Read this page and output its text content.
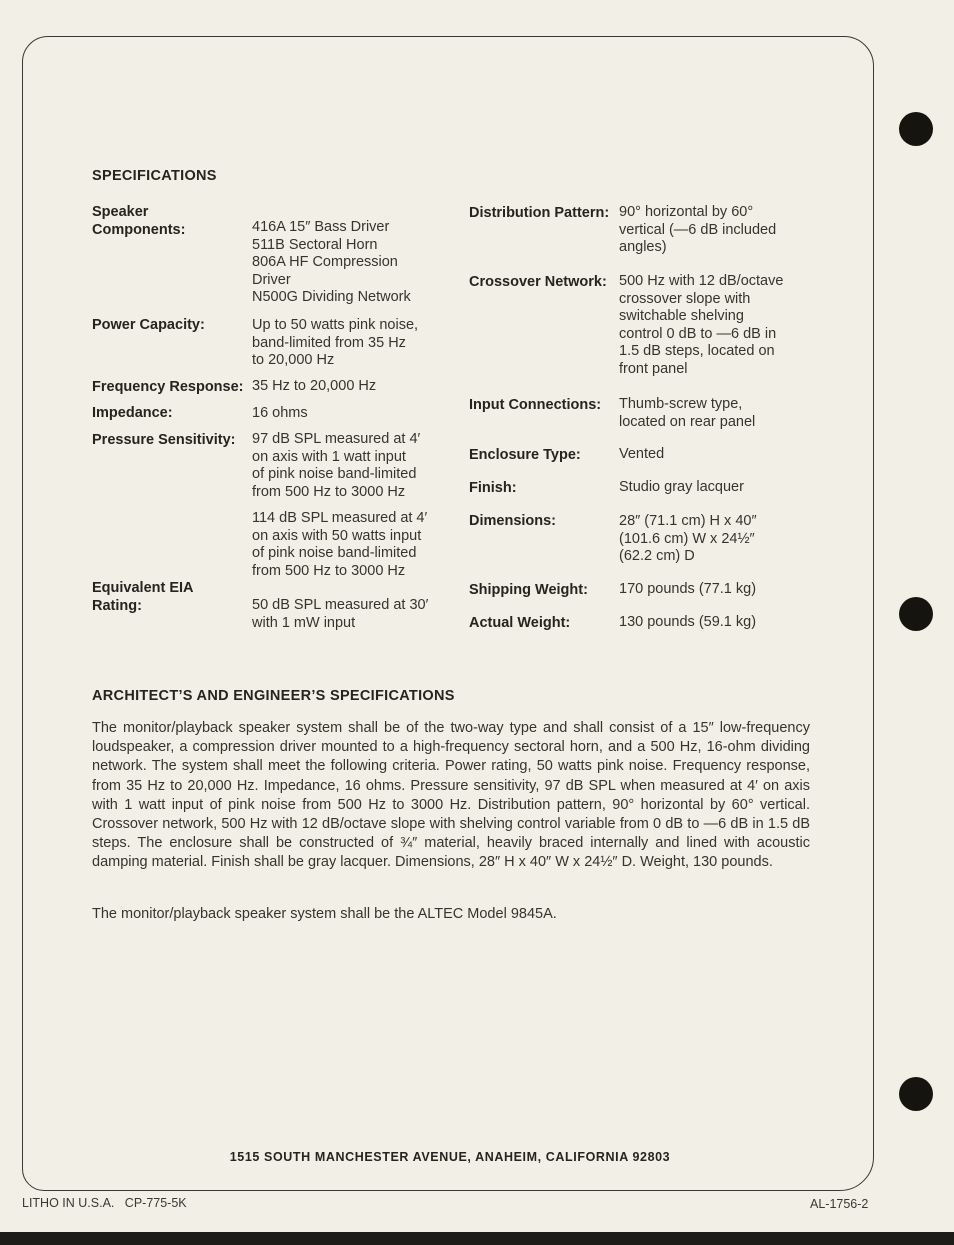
SPECIFICATIONS
Speaker
Components:	416A 15″ Bass Driver
511B Sectoral Horn
806A HF Compression
Driver
N500G Dividing Network
Power Capacity:	Up to 50 watts pink noise,
band-limited from 35 Hz
to 20,000 Hz
Frequency Response: 35 Hz to 20,000 Hz
Impedance:	16 ohms
Pressure Sensitivity: 97 dB SPL measured at 4′
on axis with 1 watt input
of pink noise band-limited
from 500 Hz to 3000 Hz
114 dB SPL measured at 4′
on axis with 50 watts input
of pink noise band-limited
from 500 Hz to 3000 Hz
Equivalent EIA
Rating:	50 dB SPL measured at 30′
with 1 mW input
Distribution Pattern: 90° horizontal by 60°
vertical (—6 dB included
angles)
Crossover Network: 500 Hz with 12 dB/octave
crossover slope with
switchable shelving
control 0 dB to —6 dB in
1.5 dB steps, located on
front panel
Input Connections: Thumb-screw type,
located on rear panel
Enclosure Type:	Vented
Finish:	Studio gray lacquer
Dimensions:	28″ (71.1 cm) H x 40″
(101.6 cm) W x 24½″
(62.2 cm) D
Shipping Weight: 170 pounds (77.1 kg)
Actual Weight:	130 pounds (59.1 kg)
ARCHITECT’S AND ENGINEER’S SPECIFICATIONS

The monitor/playback speaker system shall be of the two-way type and shall consist of a 15″ low-frequency loudspeaker, a compression driver mounted to a high-frequency sectoral horn, and a 500 Hz, 16-ohm dividing network. The system shall meet the following criteria. Power rating, 50 watts pink noise. Frequency response, from 35 Hz to 20,000 Hz. Impedance, 16 ohms. Pressure sensitivity, 97 dB SPL when measured at 4′ on axis with 1 watt input of pink noise from 500 Hz to 3000 Hz. Distribution pattern, 90° horizontal by 60° vertical. Crossover network, 500 Hz with 12 dB/octave slope with shelving control variable from 0 dB to —6 dB in 1.5 dB steps. The enclosure shall be constructed of ¾″ material, heavily braced internally and lined with acoustic damping material. Finish shall be gray lacquer. Dimensions, 28″ H x 40″ W x 24½″ D. Weight, 130 pounds.

The monitor/playback speaker system shall be the ALTEC Model 9845A.

1515 SOUTH MANCHESTER AVENUE, ANAHEIM, CALIFORNIA 92803
LITHO IN U.S.A.   CP-775-5K	AL-1756-2
